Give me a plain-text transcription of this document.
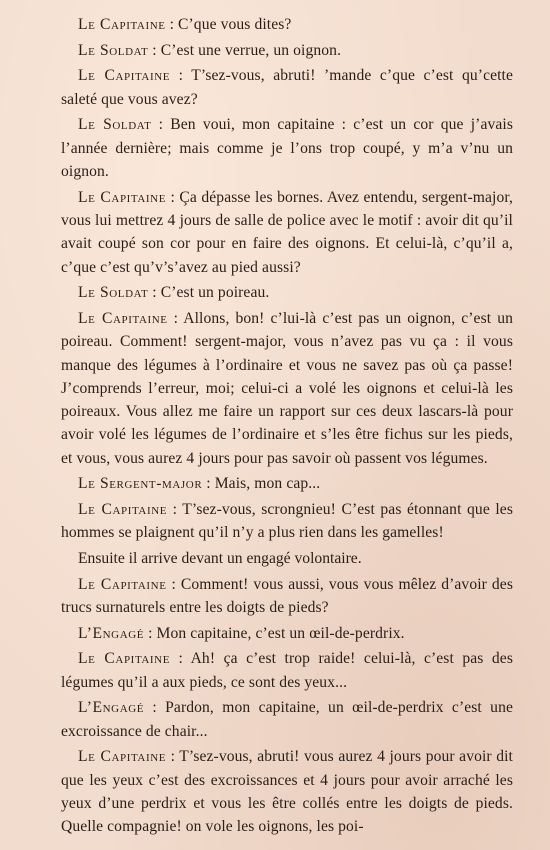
Le Capitaine : C’que vous dites?

Le Soldat : C’est une verrue, un oignon.

Le Capitaine : T’sez-vous, abruti! ’mande c’que c’est qu’cette saleté que vous avez?

Le Soldat : Ben voui, mon capitaine : c’est un cor que j’avais l’année dernière; mais comme je l’ons trop coupé, y m’a v’nu un oignon.

Le Capitaine : Ça dépasse les bornes. Avez entendu, sergent-major, vous lui mettrez 4 jours de salle de police avec le motif : avoir dit qu’il avait coupé son cor pour en faire des oignons. Et celui-là, c’qu’il a, c’que c’est qu’v’s’avez au pied aussi?

Le Soldat : C’est un poireau.

Le Capitaine : Allons, bon! c’lui-là c’est pas un oignon, c’est un poireau. Comment! sergent-major, vous n’avez pas vu ça : il vous manque des légumes à l’ordinaire et vous ne savez pas où ça passe! J’comprends l’erreur, moi; celui-ci a volé les oignons et celui-là les poireaux. Vous allez me faire un rapport sur ces deux lascars-là pour avoir volé les légumes de l’ordinaire et s’les être fichus sur les pieds, et vous, vous aurez 4 jours pour pas savoir où passent vos légumes.

Le Sergent-major : Mais, mon cap...

Le Capitaine : T’sez-vous, scrongnieu! C’est pas étonnant que les hommes se plaignent qu’il n’y a plus rien dans les gamelles!

Ensuite il arrive devant un engagé volontaire.

Le Capitaine : Comment! vous aussi, vous vous mêlez d’avoir des trucs surnaturels entre les doigts de pieds?

L’Engagé : Mon capitaine, c’est un œil-de-perdrix.

Le Capitaine : Ah! ça c’est trop raide! celui-là, c’est pas des légumes qu’il a aux pieds, ce sont des yeux...

L’Engagé : Pardon, mon capitaine, un œil-de-perdrix c’est une excroissance de chair...

Le Capitaine : T’sez-vous, abruti! vous aurez 4 jours pour avoir dit que les yeux c’est des excroissances et 4 jours pour avoir arraché les yeux d’une perdrix et vous les être collés entre les doigts de pieds. Quelle compagnie! on vole les oignons, les poi-
